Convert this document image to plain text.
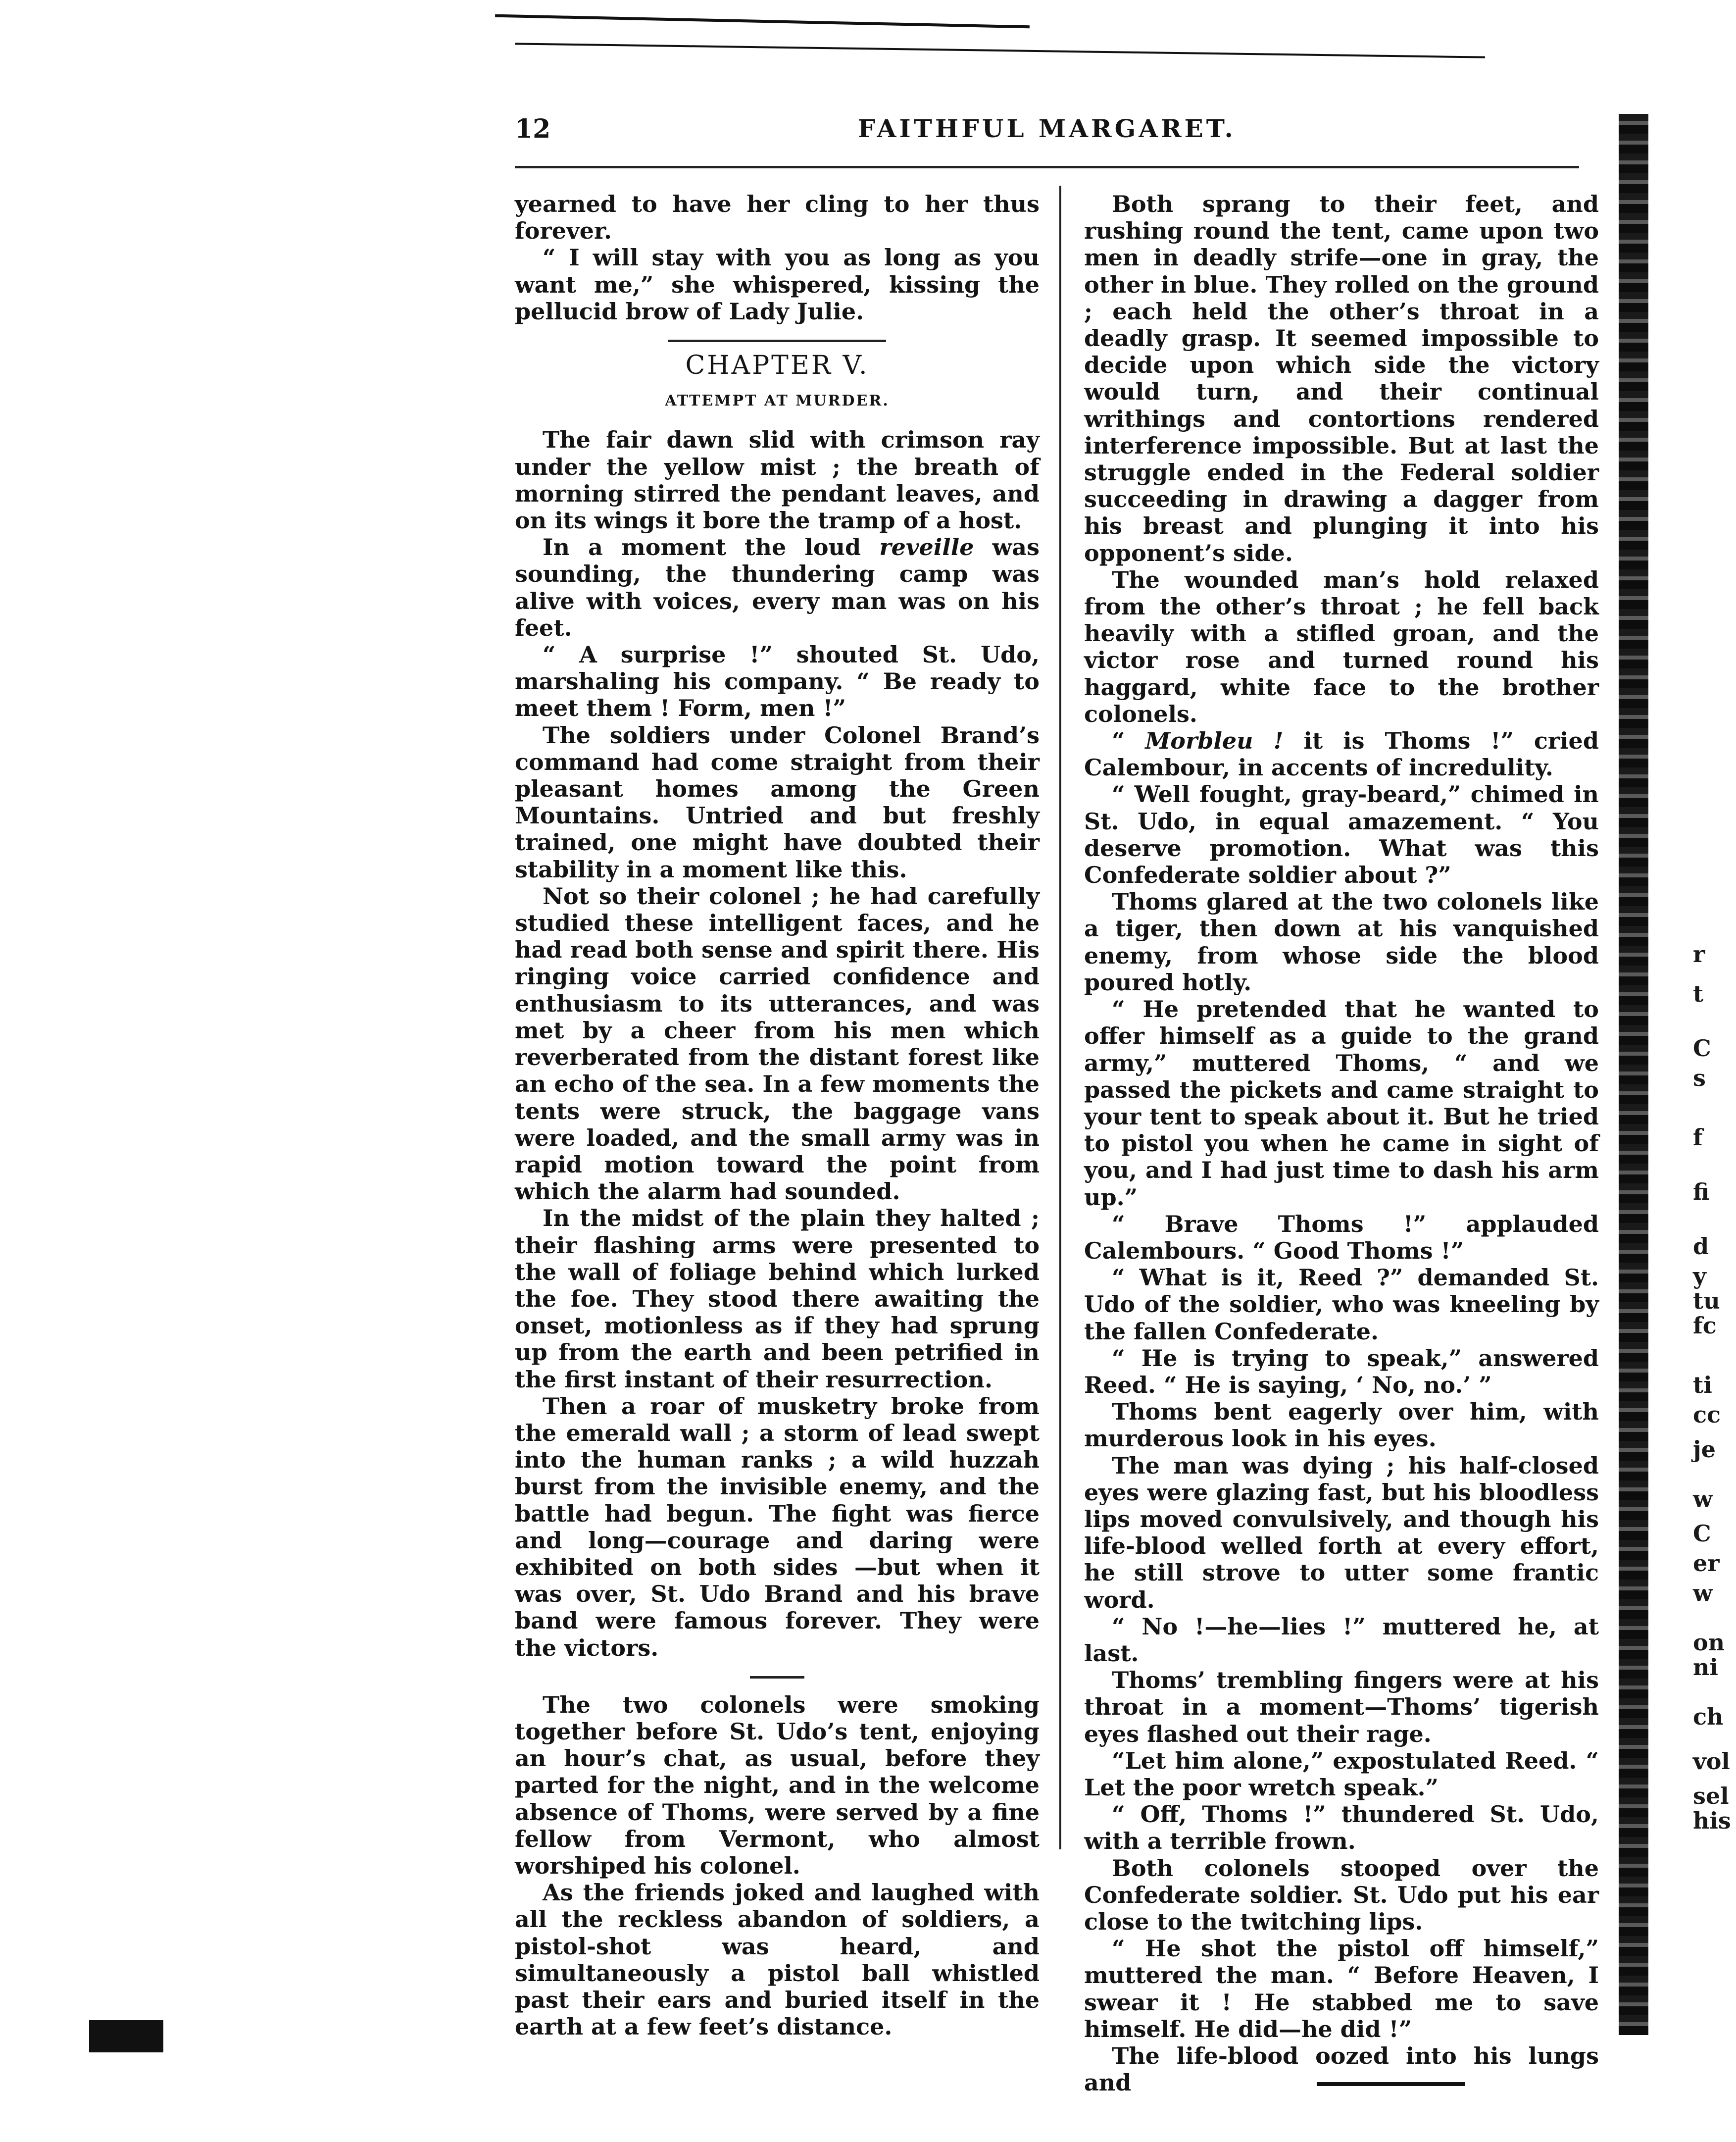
12	FAITHFUL MARGARET.

yearned to have her cling to her thus forever.

“ I will stay with you as long as you want me,” she whispered, kissing the pellucid brow of Lady Julie.

CHAPTER V.
ATTEMPT AT MURDER.

The fair dawn slid with crimson ray under the yellow mist ; the breath of morning stirred the pendant leaves, and on its wings it bore the tramp of a host.

In a moment the loud reveille was sounding, the thundering camp was alive with voices, every man was on his feet.

“ A surprise !” shouted St. Udo, marshaling his company. “ Be ready to meet them ! Form, men !”

The soldiers under Colonel Brand’s command had come straight from their pleasant homes among the Green Mountains. Untried and but freshly trained, one might have doubted their stability in a moment like this.

Not so their colonel ; he had carefully studied these intelligent faces, and he had read both sense and spirit there. His ringing voice carried confidence and enthusiasm to its utterances, and was met by a cheer from his men which reverberated from the distant forest like an echo of the sea. In a few moments the tents were struck, the baggage vans were loaded, and the small army was in rapid motion toward the point from which the alarm had sounded.

In the midst of the plain they halted ; their flashing arms were presented to the wall of foliage behind which lurked the foe. They stood there awaiting the onset, motionless as if they had sprung up from the earth and been petrified in the first instant of their resurrection.

Then a roar of musketry broke from the emerald wall ; a storm of lead swept into the human ranks ; a wild huzzah burst from the invisible enemy, and the battle had begun. The fight was fierce and long—courage and daring were exhibited on both sides —but when it was over, St. Udo Brand and his brave band were famous forever. They were the victors.

The two colonels were smoking together before St. Udo’s tent, enjoying an hour’s chat, as usual, before they parted for the night, and in the welcome absence of Thoms, were served by a fine fellow from Vermont, who almost worshiped his colonel.

As the friends joked and laughed with all the reckless abandon of soldiers, a pistol-shot was heard, and simultaneously a pistol ball whistled past their ears and buried itself in the earth at a few feet’s distance.

Both sprang to their feet, and rushing round the tent, came upon two men in deadly strife—one in gray, the other in blue. They rolled on the ground ; each held the other’s throat in a deadly grasp. It seemed impossible to decide upon which side the victory would turn, and their continual writhings and contortions rendered interference impossible. But at last the struggle ended in the Federal soldier succeeding in drawing a dagger from his breast and plunging it into his opponent’s side.

The wounded man’s hold relaxed from the other’s throat ; he fell back heavily with a stifled groan, and the victor rose and turned round his haggard, white face to the brother colonels.

“ Morbleu ! it is Thoms !” cried Calembour, in accents of incredulity.

“ Well fought, gray-beard,” chimed in St. Udo, in equal amazement. “ You deserve promotion. What was this Confederate soldier about ?”

Thoms glared at the two colonels like a tiger, then down at his vanquished enemy, from whose side the blood poured hotly.

“ He pretended that he wanted to offer himself as a guide to the grand army,” muttered Thoms, “ and we passed the pickets and came straight to your tent to speak about it. But he tried to pistol you when he came in sight of you, and I had just time to dash his arm up.”

“ Brave Thoms !” applauded Calembours. “ Good Thoms !”

“ What is it, Reed ?” demanded St. Udo of the soldier, who was kneeling by the fallen Confederate.

“ He is trying to speak,” answered Reed. “ He is saying, ‘ No, no.’ ”

Thoms bent eagerly over him, with murderous look in his eyes.

The man was dying ; his half-closed eyes were glazing fast, but his bloodless lips moved convulsively, and though his life-blood welled forth at every effort, he still strove to utter some frantic word.

“ No !—he—lies !” muttered he, at last.

Thoms’ trembling fingers were at his throat in a moment—Thoms’ tigerish eyes flashed out their rage.

“Let him alone,” expostulated Reed. “ Let the poor wretch speak.”

“ Off, Thoms !” thundered St. Udo, with a terrible frown.

Both colonels stooped over the Confederate soldier. St. Udo put his ear close to the twitching lips.

“ He shot the pistol off himself,” muttered the man. “ Before Heaven, I swear it ! He stabbed me to save himself. He did—he did !”

The life-blood oozed into his lungs and

r
t
C
s
f
fi
d
y
tu
fc
ti
cc
je
w
C
er
w
on
ni
ch
vol
sel
his
